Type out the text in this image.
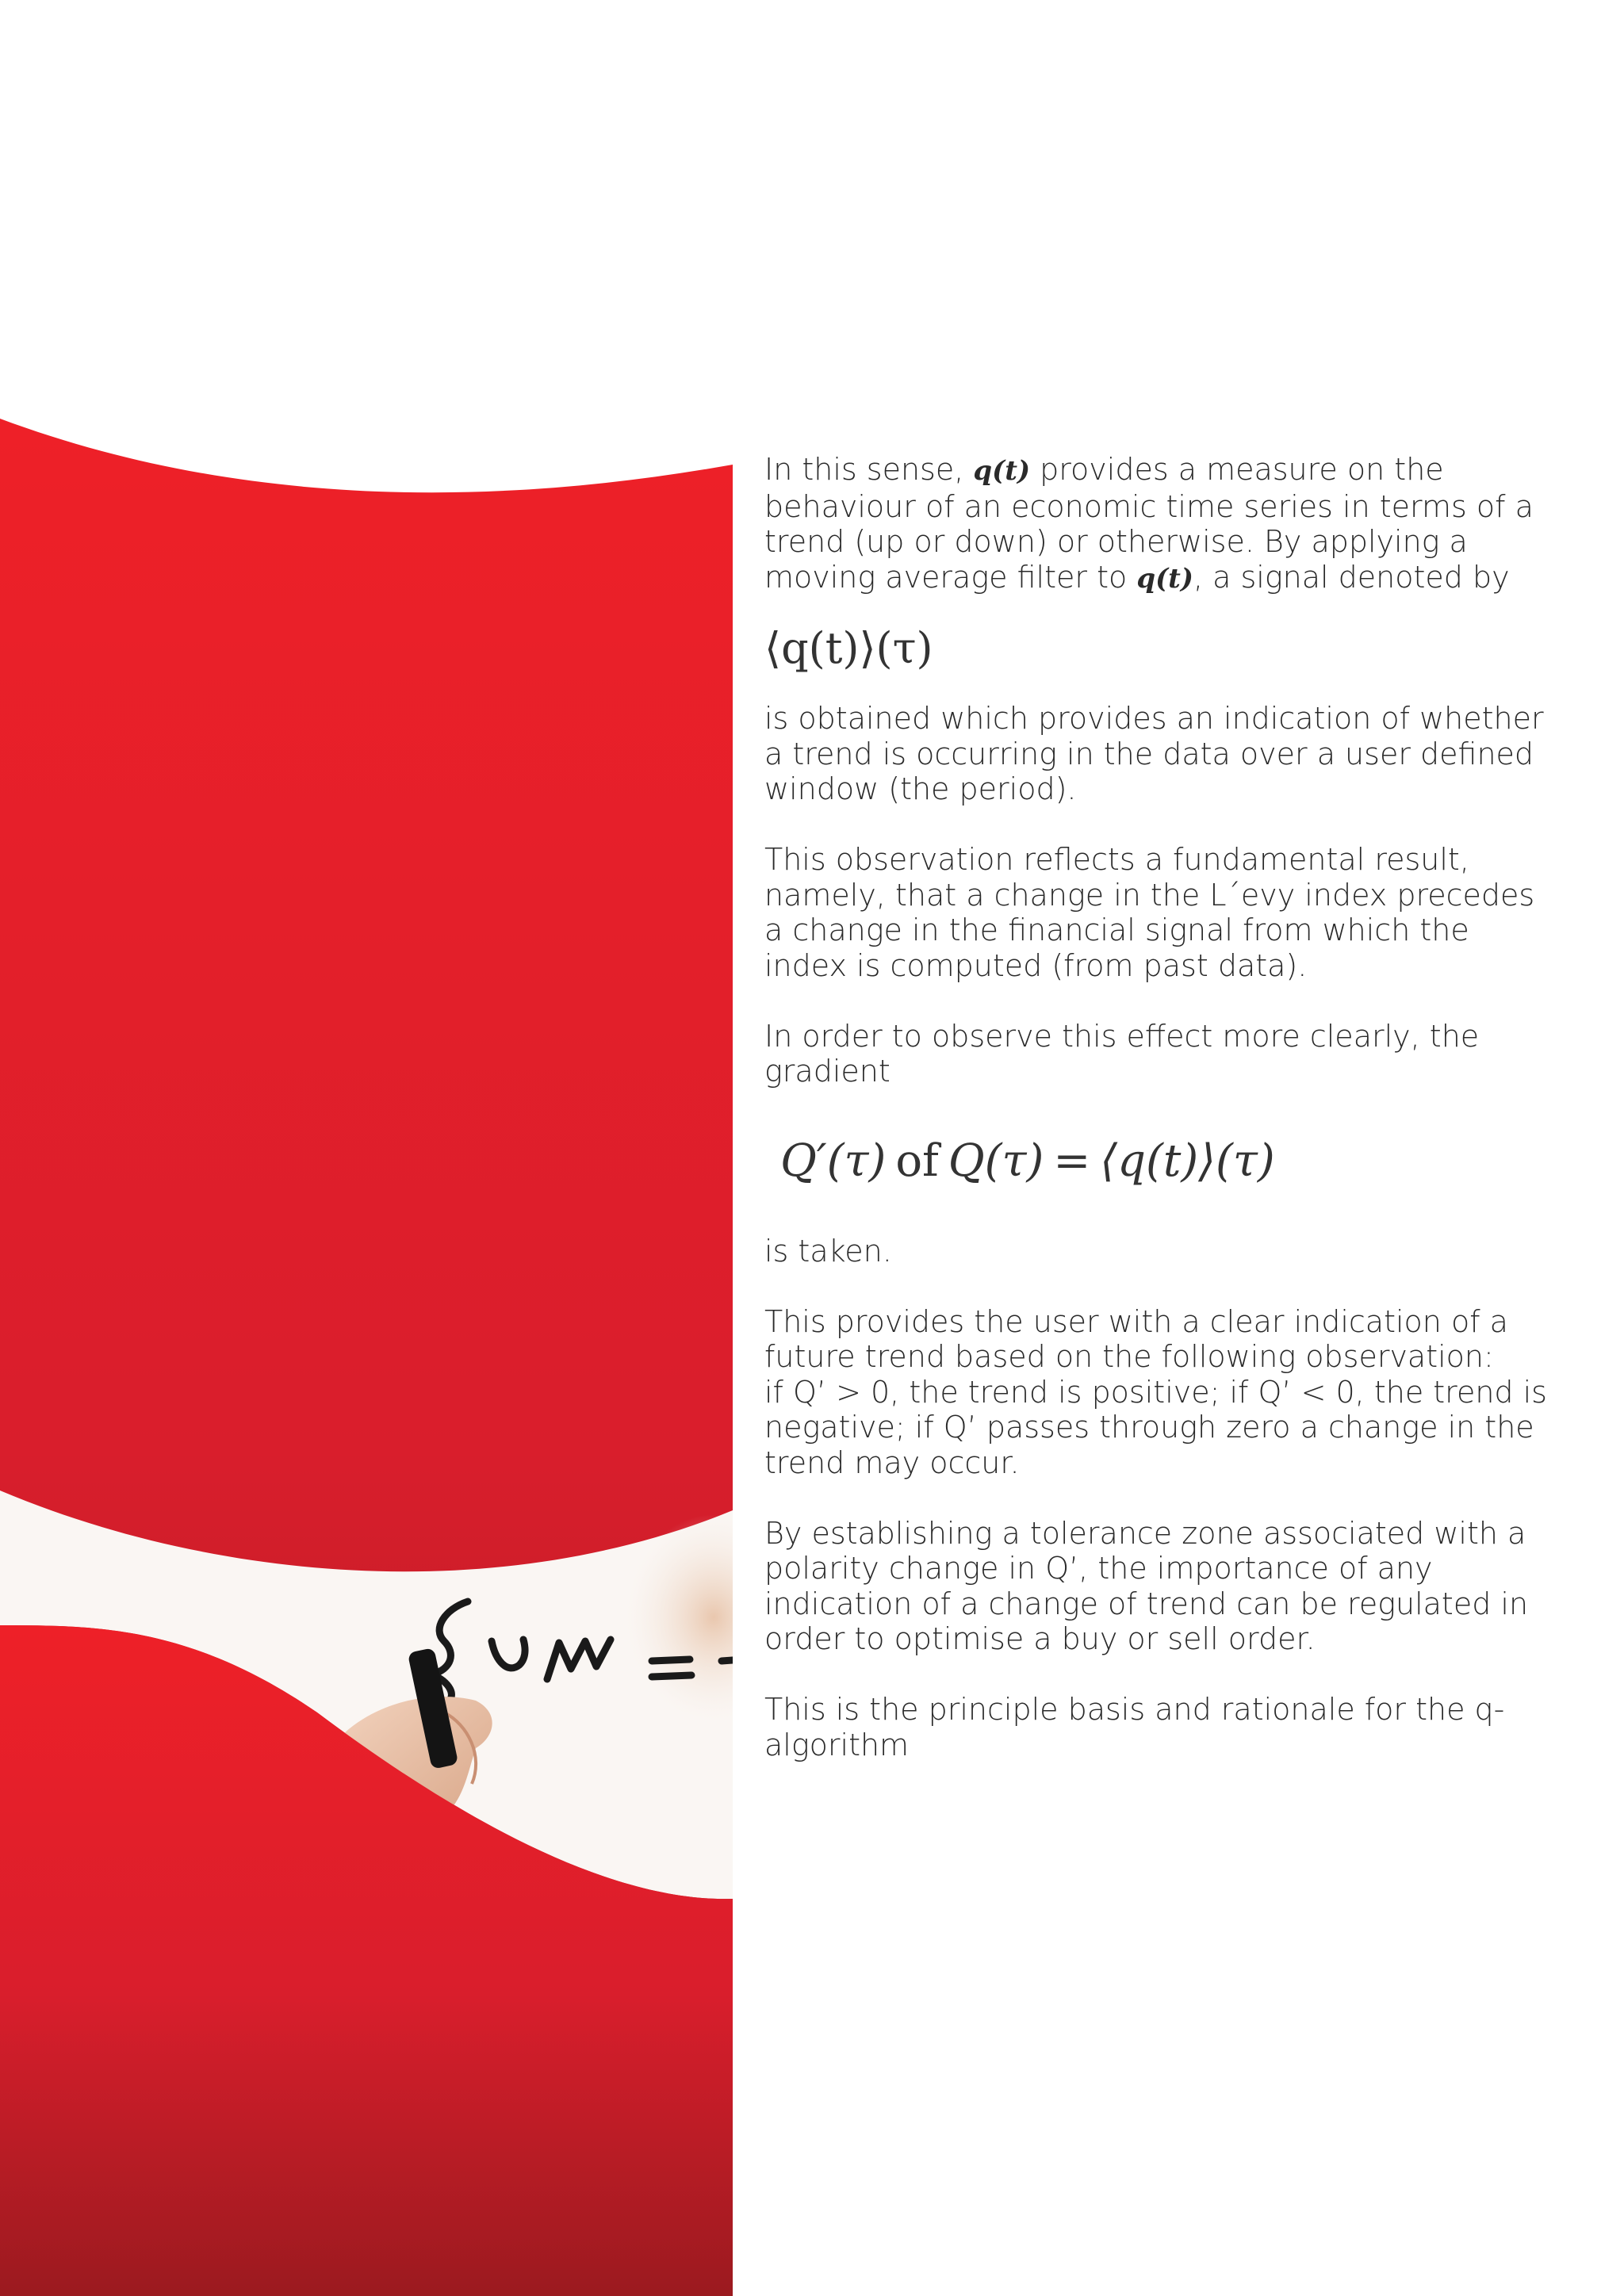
In this sense, q(t) provides a measure on the behaviour of an economic time series in terms of a trend (up or down) or otherwise. By applying a moving average filter to q(t), a signal denoted by

⟨q(t)⟩(τ)

is obtained which provides an indication of whether a trend is occurring in the data over a user defined window (the period).

This observation reflects a fundamental result, namely, that a change in the L´evy index precedes a change in the financial signal from which the index is computed (from past data).

In order to observe this effect more clearly, the gradient

Q′(τ) of Q(τ) = ⟨q(t)⟩(τ)

is taken.

This provides the user with a clear indication of a future trend based on the following observation:

if Q’ > 0, the trend is positive; if Q’ < 0, the trend is negative; if Q’ passes through zero a change in the trend may occur.

By establishing a tolerance zone associated with a polarity change in Q’, the importance of any indication of a change of trend can be regulated in order to optimise a buy or sell order.

This is the principle basis and rationale for the q-algorithm
